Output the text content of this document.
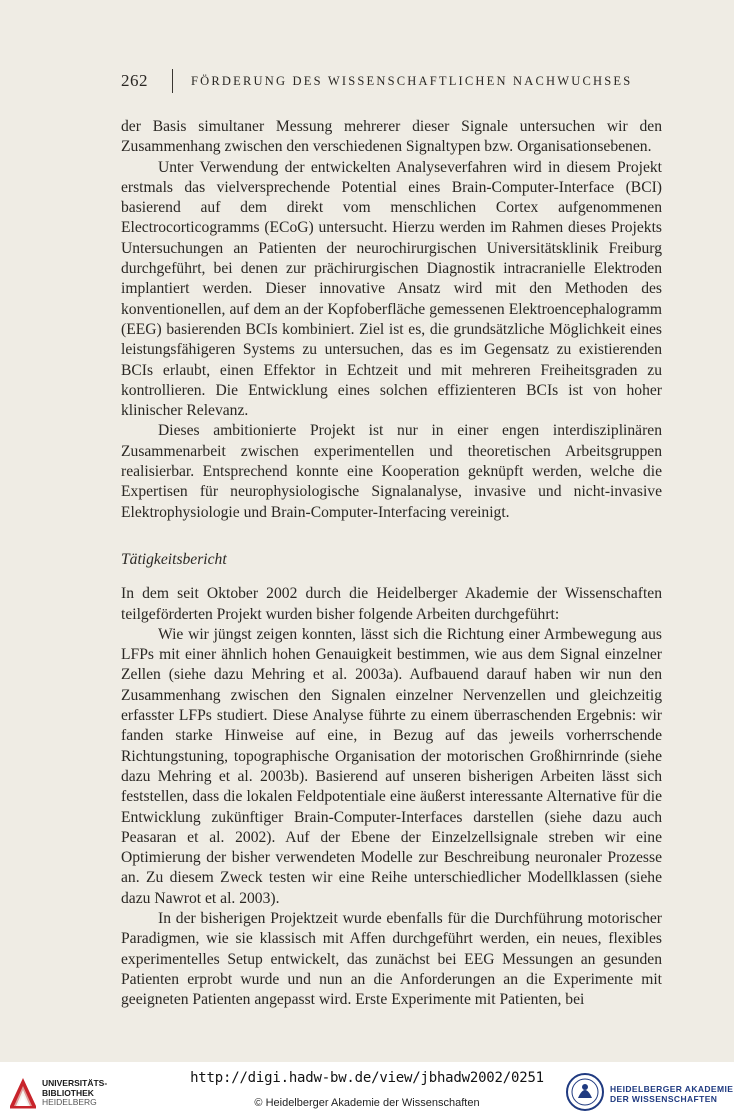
262	FÖRDERUNG DES WISSENSCHAFTLICHEN NACHWUCHSES

der Basis simultaner Messung mehrerer dieser Signale untersuchen wir den Zusammenhang zwischen den verschiedenen Signaltypen bzw. Organisationsebenen.

Unter Verwendung der entwickelten Analyseverfahren wird in diesem Projekt erstmals das vielversprechende Potential eines Brain-Computer-Interface (BCI) basierend auf dem direkt vom menschlichen Cortex aufgenommenen Electrocorticogramms (ECoG) untersucht. Hierzu werden im Rahmen dieses Projekts Untersuchungen an Patienten der neurochirurgischen Universitätsklinik Freiburg durchgeführt, bei denen zur prächirurgischen Diagnostik intracranielle Elektroden implantiert werden. Dieser innovative Ansatz wird mit den Methoden des konventionellen, auf dem an der Kopfoberfläche gemessenen Elektroencephalogramm (EEG) basierenden BCIs kombiniert. Ziel ist es, die grundsätzliche Möglichkeit eines leistungsfähigeren Systems zu untersuchen, das es im Gegensatz zu existierenden BCIs erlaubt, einen Effektor in Echtzeit und mit mehreren Freiheitsgraden zu kontrollieren. Die Entwicklung eines solchen effizienteren BCIs ist von hoher klinischer Relevanz.

Dieses ambitionierte Projekt ist nur in einer engen interdisziplinären Zusammenarbeit zwischen experimentellen und theoretischen Arbeitsgruppen realisierbar. Entsprechend konnte eine Kooperation geknüpft werden, welche die Expertisen für neurophysiologische Signalanalyse, invasive und nicht-invasive Elektrophysiologie und Brain-Computer-Interfacing vereinigt.

Tätigkeitsbericht

In dem seit Oktober 2002 durch die Heidelberger Akademie der Wissenschaften teilgeförderten Projekt wurden bisher folgende Arbeiten durchgeführt:

Wie wir jüngst zeigen konnten, lässt sich die Richtung einer Armbewegung aus LFPs mit einer ähnlich hohen Genauigkeit bestimmen, wie aus dem Signal einzelner Zellen (siehe dazu Mehring et al. 2003a). Aufbauend darauf haben wir nun den Zusammenhang zwischen den Signalen einzelner Nervenzellen und gleichzeitig erfasster LFPs studiert. Diese Analyse führte zu einem überraschenden Ergebnis: wir fanden starke Hinweise auf eine, in Bezug auf das jeweils vorherrschende Richtungstuning, topographische Organisation der motorischen Großhirnrinde (siehe dazu Mehring et al. 2003b). Basierend auf unseren bisherigen Arbeiten lässt sich feststellen, dass die lokalen Feldpotentiale eine äußerst interessante Alternative für die Entwicklung zukünftiger Brain-Computer-Interfaces darstellen (siehe dazu auch Peasaran et al. 2002). Auf der Ebene der Einzelzellsignale streben wir eine Optimierung der bisher verwendeten Modelle zur Beschreibung neuronaler Prozesse an. Zu diesem Zweck testen wir eine Reihe unterschiedlicher Modellklassen (siehe dazu Nawrot et al. 2003).

In der bisherigen Projektzeit wurde ebenfalls für die Durchführung motorischer Paradigmen, wie sie klassisch mit Affen durchgeführt werden, ein neues, flexibles experimentelles Setup entwickelt, das zunächst bei EEG Messungen an gesunden Patienten erprobt wurde und nun an die Anforderungen an die Experimente mit geeigneten Patienten angepasst wird. Erste Experimente mit Patienten, bei

UNIVERSITÄTS-
BIBLIOTHEK
HEIDELBERG
http://digi.hadw-bw.de/view/jbhadw2002/0251
© Heidelberger Akademie der Wissenschaften
HEIDELBERGER AKADEMIE
DER WISSENSCHAFTEN
